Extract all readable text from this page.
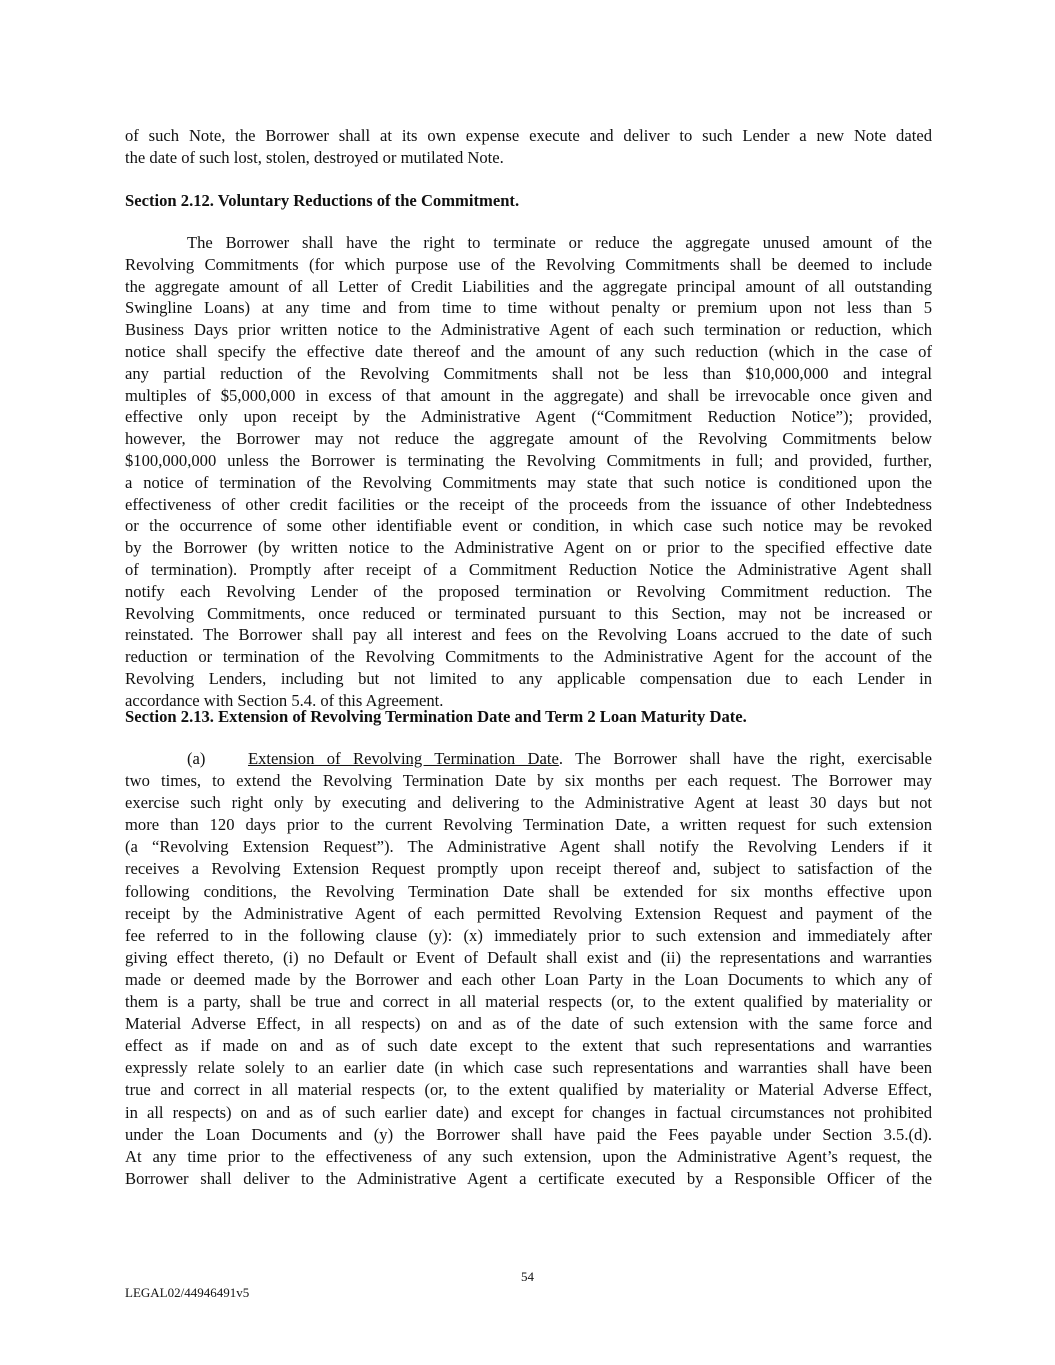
of such Note, the Borrower shall at its own expense execute and deliver to such Lender a new Note dated
the date of such lost, stolen, destroyed or mutilated Note.
Section 2.12. Voluntary Reductions of the Commitment.
The Borrower shall have the right to terminate or reduce the aggregate unused amount of the
Revolving Commitments (for which purpose use of the Revolving Commitments shall be deemed to include
the aggregate amount of all Letter of Credit Liabilities and the aggregate principal amount of all outstanding
Swingline Loans) at any time and from time to time without penalty or premium upon not less than 5
Business Days prior written notice to the Administrative Agent of each such termination or reduction, which
notice shall specify the effective date thereof and the amount of any such reduction (which in the case of
any partial reduction of the Revolving Commitments shall not be less than $10,000,000 and integral
multiples of $5,000,000 in excess of that amount in the aggregate) and shall be irrevocable once given and
effective only upon receipt by the Administrative Agent (“Commitment Reduction Notice”); provided,
however, the Borrower may not reduce the aggregate amount of the Revolving Commitments below
$100,000,000 unless the Borrower is terminating the Revolving Commitments in full; and provided, further,
a notice of termination of the Revolving Commitments may state that such notice is conditioned upon the
effectiveness of other credit facilities or the receipt of the proceeds from the issuance of other Indebtedness
or the occurrence of some other identifiable event or condition, in which case such notice may be revoked
by the Borrower (by written notice to the Administrative Agent on or prior to the specified effective date
of termination). Promptly after receipt of a Commitment Reduction Notice the Administrative Agent shall
notify each Revolving Lender of the proposed termination or Revolving Commitment reduction. The
Revolving Commitments, once reduced or terminated pursuant to this Section, may not be increased or
reinstated. The Borrower shall pay all interest and fees on the Revolving Loans accrued to the date of such
reduction or termination of the Revolving Commitments to the Administrative Agent for the account of the
Revolving Lenders, including but not limited to any applicable compensation due to each Lender in
accordance with Section 5.4. of this Agreement.
Section 2.13. Extension of Revolving Termination Date and Term 2 Loan Maturity Date.
(a)	Extension of Revolving Termination Date. The Borrower shall have the right, exercisable
two times, to extend the Revolving Termination Date by six months per each request. The Borrower may
exercise such right only by executing and delivering to the Administrative Agent at least 30 days but not
more than 120 days prior to the current Revolving Termination Date, a written request for such extension
(a “Revolving Extension Request”). The Administrative Agent shall notify the Revolving Lenders if it
receives a Revolving Extension Request promptly upon receipt thereof and, subject to satisfaction of the
following conditions, the Revolving Termination Date shall be extended for six months effective upon
receipt by the Administrative Agent of each permitted Revolving Extension Request and payment of the
fee referred to in the following clause (y): (x) immediately prior to such extension and immediately after
giving effect thereto, (i) no Default or Event of Default shall exist and (ii) the representations and warranties
made or deemed made by the Borrower and each other Loan Party in the Loan Documents to which any of
them is a party, shall be true and correct in all material respects (or, to the extent qualified by materiality or
Material Adverse Effect, in all respects) on and as of the date of such extension with the same force and
effect as if made on and as of such date except to the extent that such representations and warranties
expressly relate solely to an earlier date (in which case such representations and warranties shall have been
true and correct in all material respects (or, to the extent qualified by materiality or Material Adverse Effect,
in all respects) on and as of such earlier date) and except for changes in factual circumstances not prohibited
under the Loan Documents and (y) the Borrower shall have paid the Fees payable under Section 3.5.(d).
At any time prior to the effectiveness of any such extension, upon the Administrative Agent’s request, the
Borrower shall deliver to the Administrative Agent a certificate executed by a Responsible Officer of the
54
LEGAL02/44946491v5
